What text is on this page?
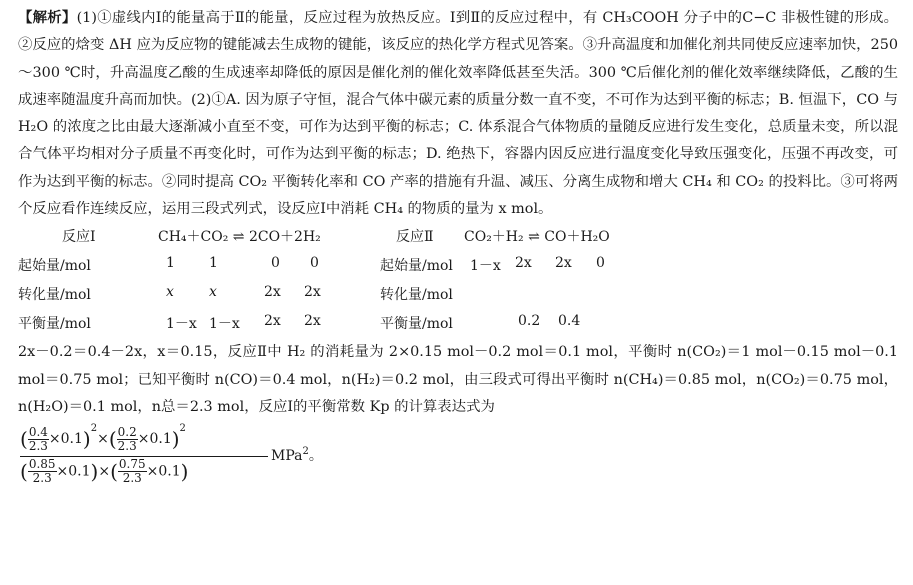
【解析】(1)①虚线内Ⅰ的能量高于Ⅱ的能量，反应过程为放热反应。Ⅰ到Ⅱ的反应过程中，有 CH₃COOH 分子中的C−C 非极性键的形成。②反应的焓变 ΔH 应为反应物的键能减去生成物的键能，该反应的热化学方程式见答案。③升高温度和加催化剂共同使反应速率加快，250～300 ℃时，升高温度乙酸的生成速率却降低的原因是催化剂的催化效率降低甚至失活。300 ℃后催化剂的催化效率继续降低，乙酸的生成速率随温度升高而加快。(2)①A. 因为原子守恒，混合气体中碳元素的质量分数一直不变，不可作为达到平衡的标志；B. 恒温下，CO 与 H₂O 的浓度之比由最大逐渐减小直至不变，可作为达到平衡的标志；C. 体系混合气体物质的量随反应进行发生变化，总质量未变，所以混合气体平均相对分子质量不再变化时，可作为达到平衡的标志；D. 绝热下，容器内因反应进行温度变化导致压强变化，压强不再改变，可作为达到平衡的标志。②同时提高 CO₂ 平衡转化率和 CO 产率的措施有升温、减压、分离生成物和增大 CH₄ 和 CO₂ 的投料比。③可将两个反应看作连续反应，运用三段式列式，设反应Ⅰ中消耗 CH₄ 的物质的量为 x mol。

反应Ⅰ	CH₄＋CO₂ ⇌ 2CO＋2H₂	反应Ⅱ CO₂＋H₂ ⇌ CO＋H₂O
起始量/mol	1 1	0 0	起始量/mol 1－x 2x 2x 0
转化量/mol	x	x	2x 2x	转化量/mol
平衡量/mol	1－x 1－x 2x 2x	平衡量/mol	0.2 0.4

2x－0.2＝0.4－2x，x＝0.15，反应Ⅱ中 H₂ 的消耗量为 2×0.15 mol－0.2 mol＝0.1 mol，平衡时 n(CO₂)＝1 mol－0.15 mol－0.1 mol＝0.75 mol；已知平衡时 n(CO)＝0.4 mol，n(H₂)＝0.2 mol，由三段式可得出平衡时 n(CH₄)＝0.85 mol，n(CO₂)＝0.75 mol，n(H₂O)＝0.1 mol，n总＝2.3 mol，反应Ⅰ的平衡常数 Kp 的计算表达式为

( $\frac{0.4}{2.3} \times 0.1)^2\times( \frac{0.2}{2.3} \times 0.1)^2$
( $\frac{0.85}{2.3} \times 0.1)\times( \frac{0.75}{2.3} \times 0.1)$
MPa$^2$。
